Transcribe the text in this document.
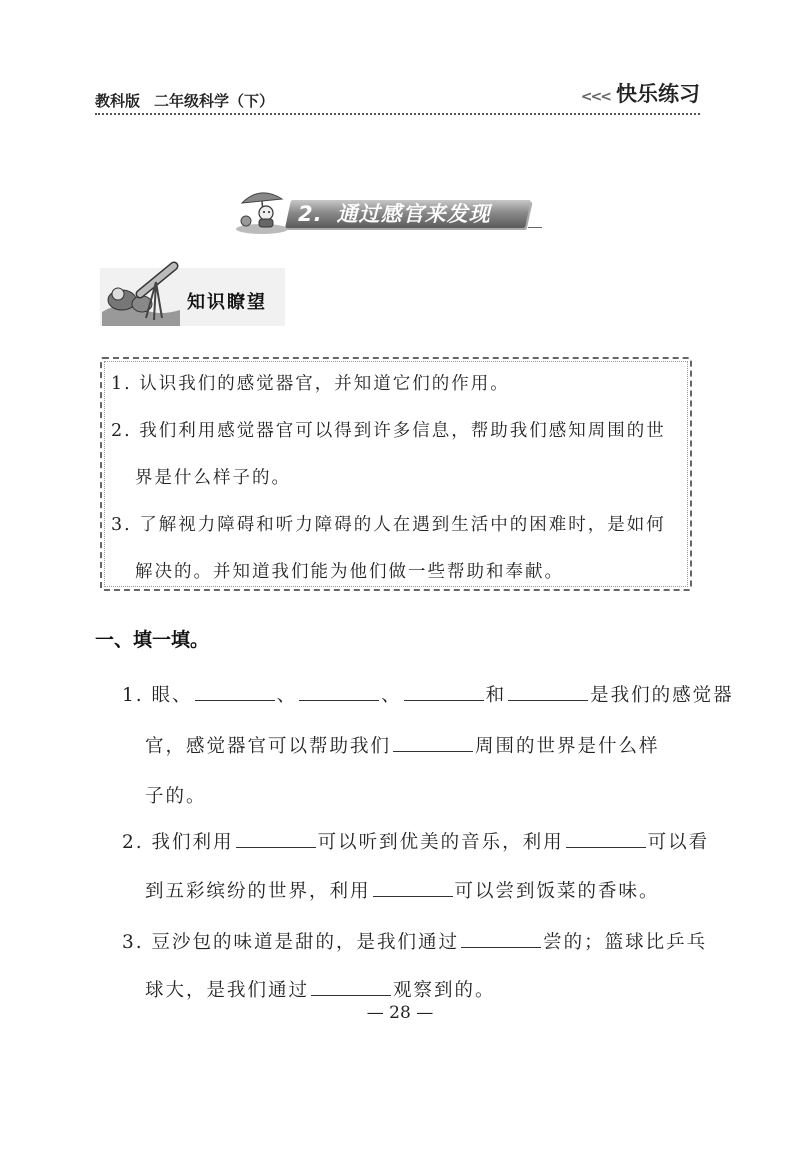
教科版 二年级科学（下）	<<< 快乐练习
2. 通过感官来发现
知识瞭望
1. 认识我们的感觉器官，并知道它们的作用。
2. 我们利用感觉器官可以得到许多信息，帮助我们感知周围的世
界是什么样子的。
3. 了解视力障碍和听力障碍的人在遇到生活中的困难时，是如何
解决的。并知道我们能为他们做一些帮助和奉献。
一、填一填。
1. 眼、	、	、	和	是我们的感觉器
官，感觉器官可以帮助我们	周围的世界是什么样
子的。
2. 我们利用	可以听到优美的音乐，利用	可以看
到五彩缤纷的世界，利用	可以尝到饭菜的香味。
3. 豆沙包的味道是甜的，是我们通过	尝的；篮球比乒乓
球大，是我们通过	观察到的。
— 28 —
